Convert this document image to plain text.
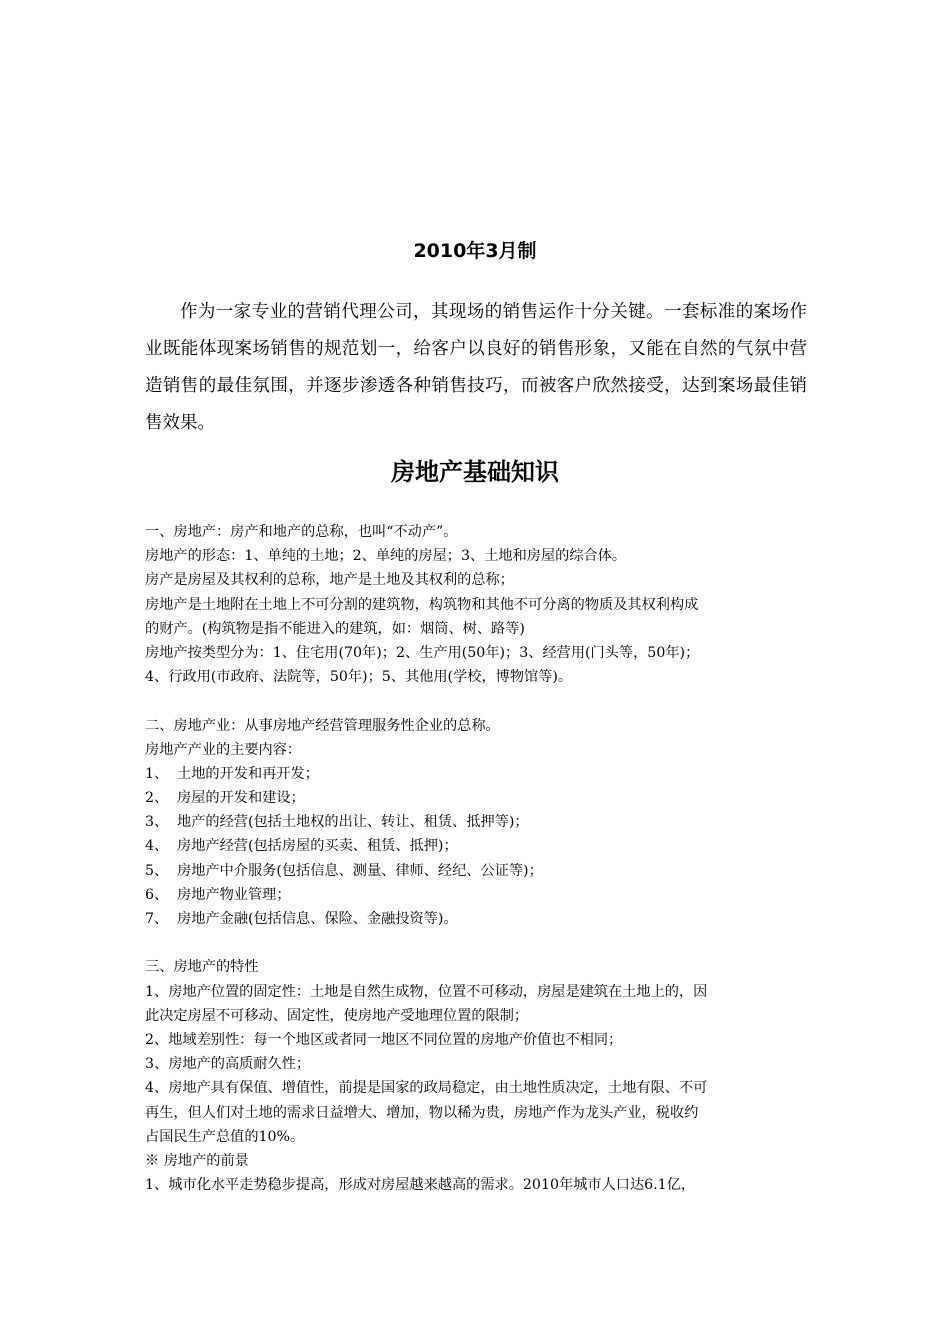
2010年3月制
作为一家专业的营销代理公司，其现场的销售运作十分关键。一套标准的案场作业既能体现案场销售的规范划一，给客户以良好的销售形象，又能在自然的气氛中营造销售的最佳氛围，并逐步渗透各种销售技巧，而被客户欣然接受，达到案场最佳销售效果。
房地产基础知识
一、房地产：房产和地产的总称，也叫“不动产”。
房地产的形态：1、单纯的土地；2、单纯的房屋；3、土地和房屋的综合体。
房产是房屋及其权利的总称，地产是土地及其权利的总称；
房地产是土地附在土地上不可分割的建筑物，构筑物和其他不可分离的物质及其权利构成
的财产。(构筑物是指不能进入的建筑，如：烟筒、树、路等)
房地产按类型分为：1、住宅用(70年)；2、生产用(50年)；3、经营用(门头等，50年)；
4、行政用(市政府、法院等，50年)；5、其他用(学校，博物馆等)。
二、房地产业：从事房地产经营管理服务性企业的总称。
房地产产业的主要内容：
1、 土地的开发和再开发；
2、 房屋的开发和建设；
3、 地产的经营(包括土地权的出让、转让、租赁、抵押等)；
4、 房地产经营(包括房屋的买卖、租赁、抵押)；
5、 房地产中介服务(包括信息、测量、律师、经纪、公证等)；
6、 房地产物业管理；
7、 房地产金融(包括信息、保险、金融投资等)。
三、房地产的特性
1、房地产位置的固定性：土地是自然生成物，位置不可移动，房屋是建筑在土地上的，因
此决定房屋不可移动、固定性，使房地产受地理位置的限制；
2、地域差别性：每一个地区或者同一地区不同位置的房地产价值也不相同；
3、房地产的高质耐久性；
4、房地产具有保值、增值性，前提是国家的政局稳定，由土地性质决定，土地有限、不可
再生，但人们对土地的需求日益增大、增加，物以稀为贵，房地产作为龙头产业，税收约
占国民生产总值的10%。
※ 房地产的前景
1、城市化水平走势稳步提高，形成对房屋越来越高的需求。2010年城市人口达6.1亿，
